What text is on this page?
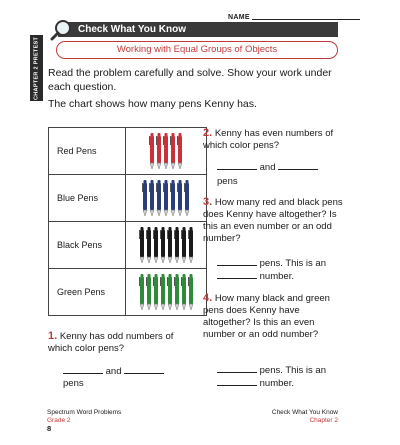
NAME
CHAPTER 2 PRETEST
Check What You Know
Working with Equal Groups of Objects
Read the problem carefully and solve. Show your work under each question.
The chart shows how many pens Kenny has.
Red Pens	

Blue Pens	

Black Pens	

Green Pens	
1. Kenny has odd numbers of which color pens?
and
pens
2. Kenny has even numbers of which color pens?
and
pens
3. How many red and black pens does Kenny have altogether? Is this an even number or an odd number?
pens. This is an
number.
4. How many black and green pens does Kenny have altogether? Is this an even number or an odd number?
pens. This is an
number.
Spectrum Word Problems
Grade 2
8
Check What You Know
Chapter 2
